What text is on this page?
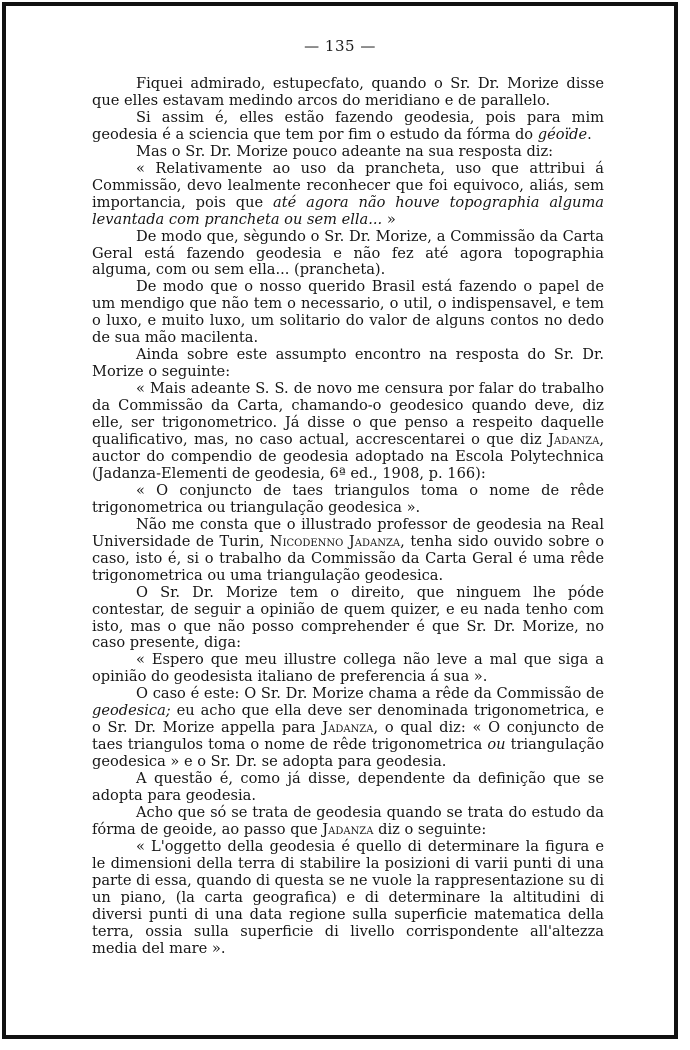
— 135 —

Fiquei admirado, estupecfato, quando o Sr. Dr. Morize disse que elles estavam medindo arcos do meridiano e de parallelo.

Si assim é, elles estão fazendo geodesia, pois para mim geodesia é a sciencia que tem por fim o estudo da fórma do géoïde.

Mas o Sr. Dr. Morize pouco adeante na sua resposta diz:

« Relativamente ao uso da prancheta, uso que attribui á Commissão, devo lealmente reconhecer que foi equivoco, aliás, sem importancia, pois que até agora não houve topographia alguma levantada com prancheta ou sem ella... »

De modo que, sègundo o Sr. Dr. Morize, a Commissão da Carta Geral está fazendo geodesia e não fez até agora topographia alguma, com ou sem ella... (prancheta).

De modo que o nosso querido Brasil está fazendo o papel de um mendigo que não tem o necessario, o util, o indispensavel, e tem o luxo, e muito luxo, um solitario do valor de alguns contos no dedo de sua mão macilenta.

Ainda sobre este assumpto encontro na resposta do Sr. Dr. Morize o seguinte:

« Mais adeante S. S. de novo me censura por falar do trabalho da Commissão da Carta, chamando-o geodesico quando deve, diz elle, ser trigonometrico. Já disse o que penso a respeito daquelle qualificativo, mas, no caso actual, accrescentarei o que diz Jadanza, auctor do compendio de geodesia adoptado na Escola Polytechnica (Jadanza-Elementi de geodesia, 6ª ed., 1908, p. 166):

« O conjuncto de taes triangulos toma o nome de rêde trigonometrica ou triangulação geodesica ».

Não me consta que o illustrado professor de geodesia na Real Universidade de Turin, Nicodenno Jadanza, tenha sido ouvido sobre o caso, isto é, si o trabalho da Commissão da Carta Geral é uma rêde trigonometrica ou uma triangulação geodesica.

O Sr. Dr. Morize tem o direito, que ninguem lhe póde contestar, de seguir a opinião de quem quizer, e eu nada tenho com isto, mas o que não posso comprehender é que Sr. Dr. Morize, no caso presente, diga:

« Espero que meu illustre collega não leve a mal que siga a opinião do geodesista italiano de preferencia á sua ».

O caso é este: O Sr. Dr. Morize chama a rêde da Commissão de geodesica; eu acho que ella deve ser denominada trigonometrica, e o Sr. Dr. Morize appella para Jadanza, o qual diz: « O conjuncto de taes triangulos toma o nome de rêde trigonometrica ou triangulação geodesica » e o Sr. Dr. se adopta para geodesia.

A questão é, como já disse, dependente da definição que se adopta para geodesia.

Acho que só se trata de geodesia quando se trata do estudo da fórma de geoide, ao passo que Jadanza diz o seguinte:

« L'oggetto della geodesia é quello di determinare la figura e le dimensioni della terra di stabilire la posizioni di varii punti di una parte di essa, quando di questa se ne vuole la rappresentazione su di un piano, (la carta geografica) e di determinare la altitudini di diversi punti di una data regione sulla superficie matematica della terra, ossia sulla superficie di livello corrispondente all'altezza media del mare ».
